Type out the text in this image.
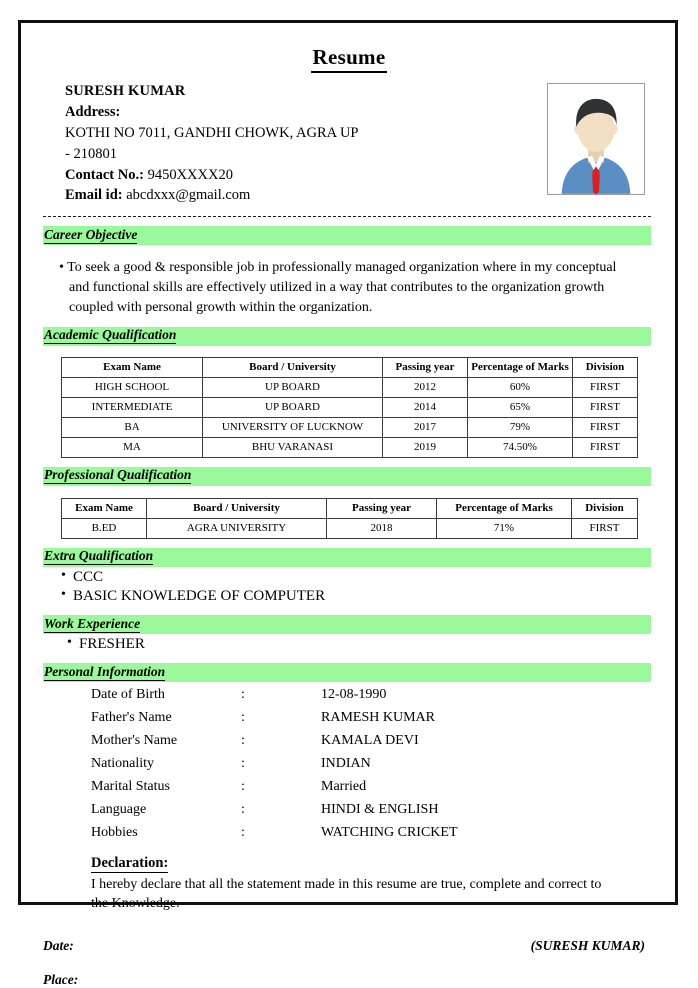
Resume
SURESH KUMAR
Address:
KOTHI NO 7011, GANDHI CHOWK, AGRA UP
- 210801
Contact No.: 9450XXXX20
Email id: abcdxxx@gmail.com
Career Objective

• To seek a good & responsible job in professionally managed organization where in my conceptual and functional skills are effectively utilized in a way that contributes to the organization growth coupled with personal growth within the organization.

Academic Qualification
Exam Name	Board / University	Passing year	Percentage of Marks	Division
HIGH SCHOOL	UP BOARD	2012	60%	FIRST
INTERMEDIATE	UP BOARD	2014	65%	FIRST
BA	UNIVERSITY OF LUCKNOW	2017	79%	FIRST
MA	BHU VARANASI	2019	74.50%	FIRST
Professional Qualification
Exam Name	Board / University	Passing year	Percentage of Marks	Division
B.ED	AGRA UNIVERSITY	2018	71%	FIRST
Extra Qualification
• CCC
• BASIC KNOWLEDGE OF COMPUTER
Work Experience
• FRESHER
Personal Information
Date of Birth	:	12-08-1990
Father's Name	:	RAMESH KUMAR
Mother's Name	:	KAMALA DEVI
Nationality	:	INDIAN
Marital Status	:	Married
Language	:	HINDI & ENGLISH
Hobbies	:	WATCHING CRICKET
Declaration:
I hereby declare that all the statement made in this resume are true, complete and correct to the Knowledge.
Date:	(SURESH KUMAR)
Place:
